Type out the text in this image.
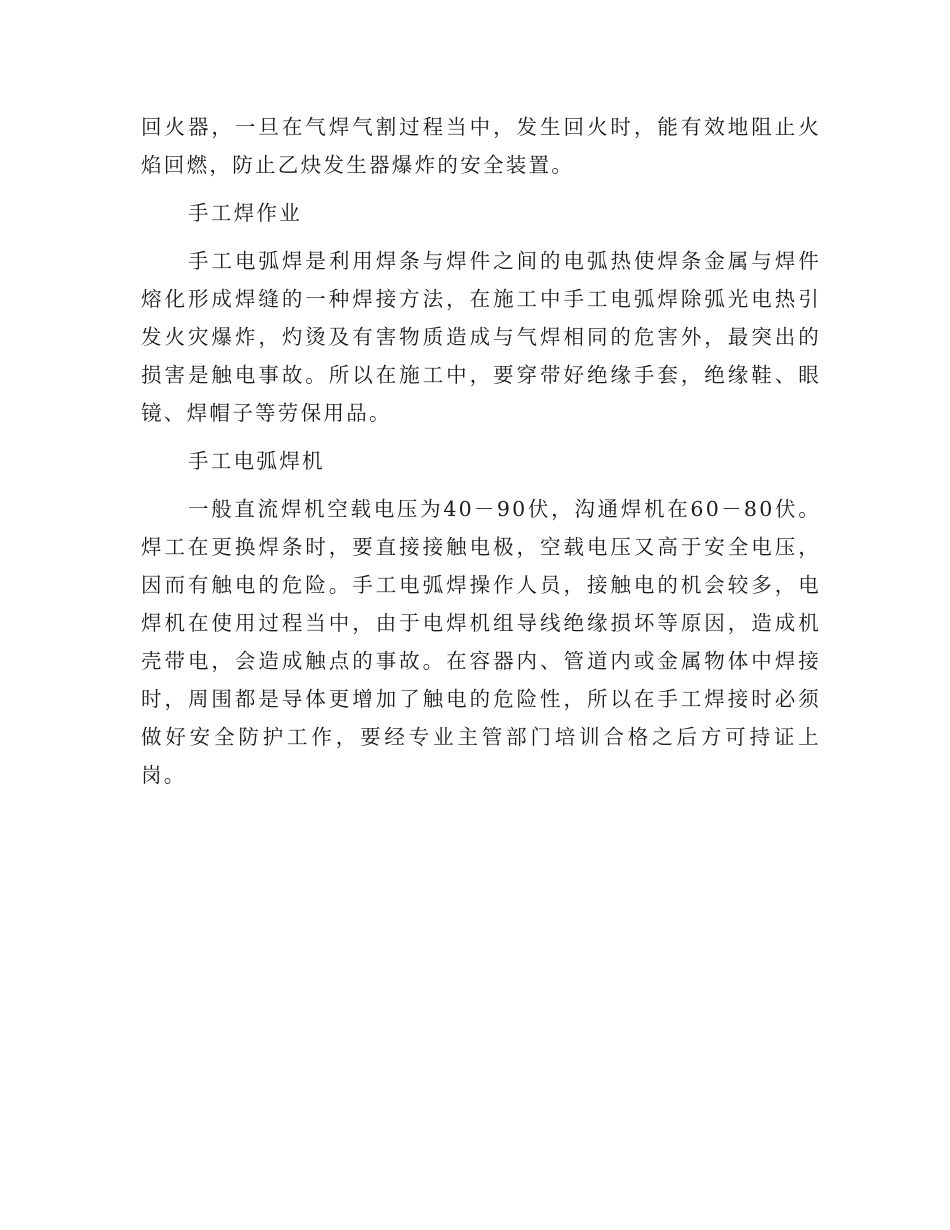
回火器，一旦在气焊气割过程当中，发生回火时，能有效地阻止火焰回燃，防止乙炔发生器爆炸的安全装置。

手工焊作业

手工电弧焊是利用焊条与焊件之间的电弧热使焊条金属与焊件熔化形成焊缝的一种焊接方法，在施工中手工电弧焊除弧光电热引发火灾爆炸，灼烫及有害物质造成与气焊相同的危害外，最突出的损害是触电事故。所以在施工中，要穿带好绝缘手套，绝缘鞋、眼镜、焊帽子等劳保用品。

手工电弧焊机

一般直流焊机空载电压为40－90伏，沟通焊机在60－80伏。焊工在更换焊条时，要直接接触电极，空载电压又高于安全电压，因而有触电的危险。手工电弧焊操作人员，接触电的机会较多，电焊机在使用过程当中，由于电焊机组导线绝缘损坏等原因，造成机壳带电，会造成触点的事故。在容器内、管道内或金属物体中焊接时，周围都是导体更增加了触电的危险性，所以在手工焊接时必须做好安全防护工作，要经专业主管部门培训合格之后方可持证上岗。
